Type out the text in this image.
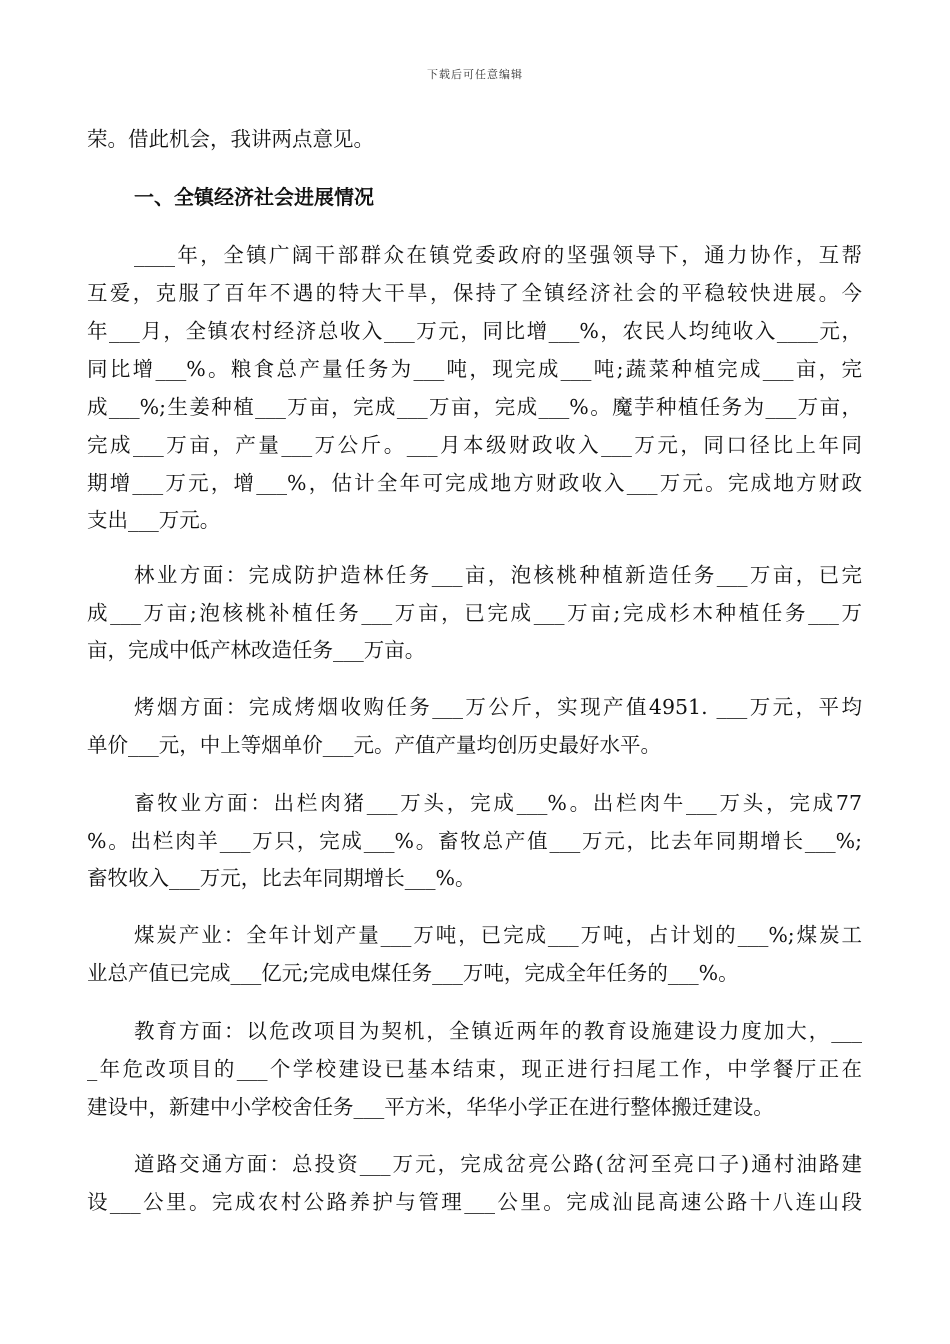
下载后可任意编辑
荣。借此机会，我讲两点意见。
一、全镇经济社会进展情况
____年，全镇广阔干部群众在镇党委政府的坚强领导下，通力协作，互帮
互爱，克服了百年不遇的特大干旱，保持了全镇经济社会的平稳较快进展。今
年___月，全镇农村经济总收入___万元，同比增___%，农民人均纯收入____元，
同比增___%。粮食总产量任务为___吨，现完成___吨;蔬菜种植完成___亩，完
成___%;生姜种植___万亩，完成___万亩，完成___%。魔芋种植任务为___万亩，
完成___万亩，产量___万公斤。___月本级财政收入___万元，同口径比上年同
期增___万元，增___%，估计全年可完成地方财政收入___万元。完成地方财政
支出___万元。
林业方面：完成防护造林任务___亩，泡核桃种植新造任务___万亩，已完
成___万亩;泡核桃补植任务___万亩，已完成___万亩;完成杉木种植任务___万
亩，完成中低产林改造任务___万亩。
烤烟方面：完成烤烟收购任务___万公斤，实现产值4951. ___万元，平均
单价___元，中上等烟单价___元。产值产量均创历史最好水平。
畜牧业方面：出栏肉猪___万头，完成___%。出栏肉牛___万头，完成77
%。出栏肉羊___万只，完成___%。畜牧总产值___万元，比去年同期增长___%;
畜牧收入___万元，比去年同期增长___%。
煤炭产业：全年计划产量___万吨，已完成___万吨，占计划的___%;煤炭工
业总产值已完成___亿元;完成电煤任务___万吨，完成全年任务的___%。
教育方面：以危改项目为契机，全镇近两年的教育设施建设力度加大，___
_年危改项目的___个学校建设已基本结束，现正进行扫尾工作，中学餐厅正在
建设中，新建中小学校舍任务___平方米，华华小学正在进行整体搬迁建设。
道路交通方面：总投资___万元，完成岔亮公路(岔河至亮口子)通村油路建
设___公里。完成农村公路养护与管理___公里。完成汕昆高速公路十八连山段
